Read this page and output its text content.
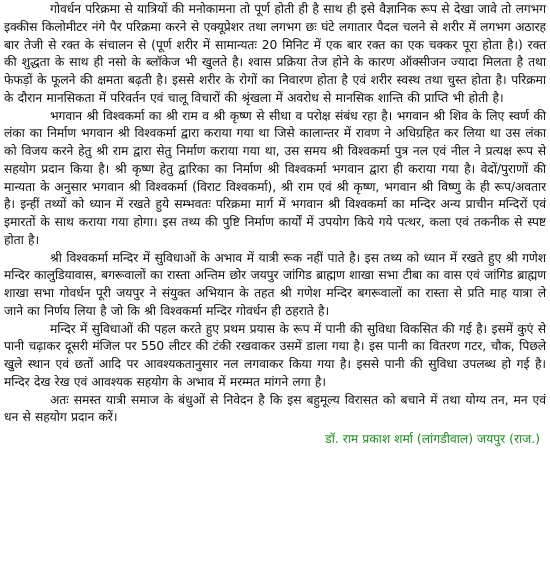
गोवर्धन परिक्रमा से यात्रियों की मनोकामना तो पूर्ण होती ही है साथ ही इसे वैज्ञानिक रूप से देखा जावे तो लगभग इक्कीस किलोमीटर नंगे पैर परिक्रमा करने से एक्यूप्रेशर तथा लगभग छः घंटे लगातार पैदल चलने से शरीर में लगभग अठारह बार तेजी से रक्त के संचालन से (पूर्ण शरीर में सामान्यतः 20 मिनिट में एक बार रक्त का एक चक्कर पूरा होता है।) रक्त की शुद्धता के साथ ही नसो के ब्लॉकेज भी खुलते है। श्वास प्रक्रिया तेज होने के कारण ऑक्सीजन ज्यादा मिलता है तथा फेफड़ों के फूलने की क्षमता बढ़ती है। इससे शरीर के रोगों का निवारण होता है एवं शरीर स्वस्थ तथा चुस्त होता है। परिक्रमा के दौरान मानसिकता में परिवर्तन एवं चालू विचारों की श्रृंखला में अवरोध से मानसिक शान्ति की प्राप्ति भी होती है।

भगवान श्री विश्वकर्मा का श्री राम व श्री कृष्ण से सीधा व परोक्ष संबंध रहा है। भगवान श्री शिव के लिए स्वर्ण की लंका का निर्माण भगवान श्री विश्वकर्मा द्वारा कराया गया था जिसे कालान्तर में रावण ने अधिग्रहित कर लिया था उस लंका को विजय करने हेतु श्री राम द्वारा सेतु निर्माण कराया गया था, उस समय श्री विश्वकर्मा पुत्र नल एवं नील ने प्रत्यक्ष रूप से सहयोग प्रदान किया है। श्री कृष्ण हेतु द्वारिका का निर्माण श्री विश्वकर्मा भगवान द्वारा ही कराया गया है। वेदों/पुराणों की मान्यता के अनुसार भगवान श्री विश्वकर्मा (विराट विश्वकर्मा), श्री राम एवं श्री कृष्ण, भगवान श्री विष्णु के ही रूप/अवतार है। इन्हीं तथ्यों को ध्यान में रखते हुये सम्भवतः परिक्रमा मार्ग में भगवान श्री विश्वकर्मा का मन्दिर अन्य प्राचीन मन्दिरों एवं इमारतों के साथ कराया गया होगा। इस तथ्य की पुष्टि निर्माण कार्यों में उपयोग किये गये पत्थर, कला एवं तकनीक से स्पष्ट होता है।

श्री विश्वकर्मा मन्दिर में सुविधाओं के अभाव में यात्री रूक नहीं पाते है। इस तथ्य को ध्यान में रखते हुए श्री गणेश मन्दिर कालुडियावास, बगरूवालों का रास्ता अन्तिम छोर जयपुर जांगिड ब्राह्मण शाखा सभा टीबा का वास एवं जांगिड ब्राह्मण शाखा सभा गोवर्धन पूरी जयपुर ने संयुक्त अभियान के तहत श्री गणेश मन्दिर बगरूवालों का रास्ता से प्रति माह यात्रा ले जाने का निर्णय लिया है जो कि श्री विश्वकर्मा मन्दिर गोवर्धन ही ठहराते है।

मन्दिर में सुविधाओं की पहल करते हुए प्रथम प्रयास के रूप में पानी की सुविधा विकसित की गई है। इसमें कुएं से पानी चढ़ाकर दूसरी मंजिल पर 550 लीटर की टंकी रखवाकर उसमें डाला गया है। इस पानी का वितरण गटर, चौक, पिछले खुले स्थान एवं छतों आदि पर आवश्यकतानुसार नल लगवाकर किया गया है। इससे पानी की सुविधा उपलब्ध हो गई है। मन्दिर देख रेख एवं आवश्यक सहयोग के अभाव में मरम्मत मांगने लगा है।

अतः समस्त यात्री समाज के बंधुओं से निवेदन है कि इस बहुमूल्य विरासत को बचाने में तथा योग्य तन, मन एवं धन से सहयोग प्रदान करें।

डॉ. राम प्रकाश शर्मा (लांगडीवाल) जयपुर (राज.)
